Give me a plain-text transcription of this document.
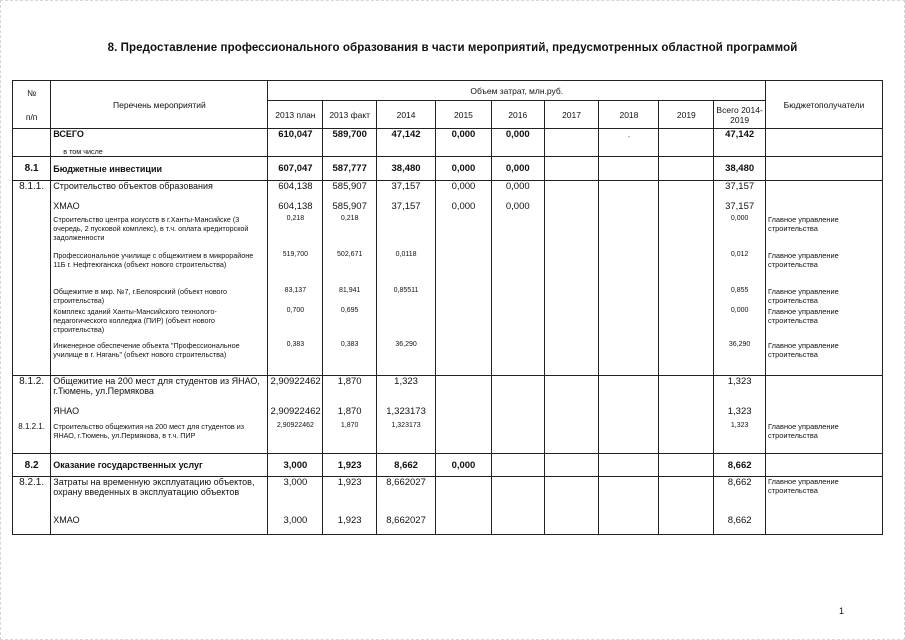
8. Предоставление профессионального образования в части мероприятий, предусмотренных областной программой
№
п/п	Перечень мероприятий	Объем затрат, млн.руб.									Бюджетополучатели
		2013 план	2013 факт	2014	2015	2016	2017	2018	2019	Всего 2014-2019	
	ВСЕГО	610,047	589,700	47,142	0,000	0,000		-		47,142	
	в том числе										
8.1	Бюджетные инвестиции	607,047	587,777	38,480	0,000	0,000				38,480	
8.1.1.	Строительство объектов образования	604,138	585,907	37,157	0,000	0,000				37,157	
	ХМАО	604,138	585,907	37,157	0,000	0,000				37,157	
	Строительство центра искусств в г.Ханты-Мансийске (3 очередь, 2 пусковой комплекс), в т.ч. оплата кредиторской задолженности	0,218	0,218							0,000	Главное управление строительства
	Профессиональное училище с общежитием в микрорайоне 11Б г. Нефтеюганска (объект нового строительства)	519,700	502,671	0,0118						0,012	Главное управление строительства
	Общежитие в мкр. №7, г.Белоярский (объект нового строительства)	83,137	81,941	0,85511						0,855	Главное управление строительства
	Комплекс зданий Ханты-Мансийского технолого-педагогического колледжа (ПИР) (объект нового строительства)	0,700	0,695							0,000	Главное управление строительства
	Инженерное обеспечение объекта "Профессиональное училище в г. Нягань" (объект нового строительства)	0,383	0,383	36,290						36,290	Главное управление строительства
8.1.2.	Общежитие на 200 мест для студентов из ЯНАО, г.Тюмень, ул.Пермякова	2,90922462	1,870	1,323						1,323	
	ЯНАО	2,90922462	1,870	1,323173						1,323	
8.1.2.1.	Строительство общежития на 200 мест для студентов из ЯНАО, г.Тюмень, ул.Пермякова, в т.ч. ПИР	2,90922462	1,870	1,323173						1,323	Главное управление строительства
8.2	Оказание государственных услуг	3,000	1,923	8,662	0,000					8,662	
8.2.1.	Затраты на временную эксплуатацию объектов, охрану введенных в эксплуатацию объектов	3,000	1,923	8,662027						8,662	Главное управление строительства
	ХМАО	3,000	1,923	8,662027						8,662	
1
